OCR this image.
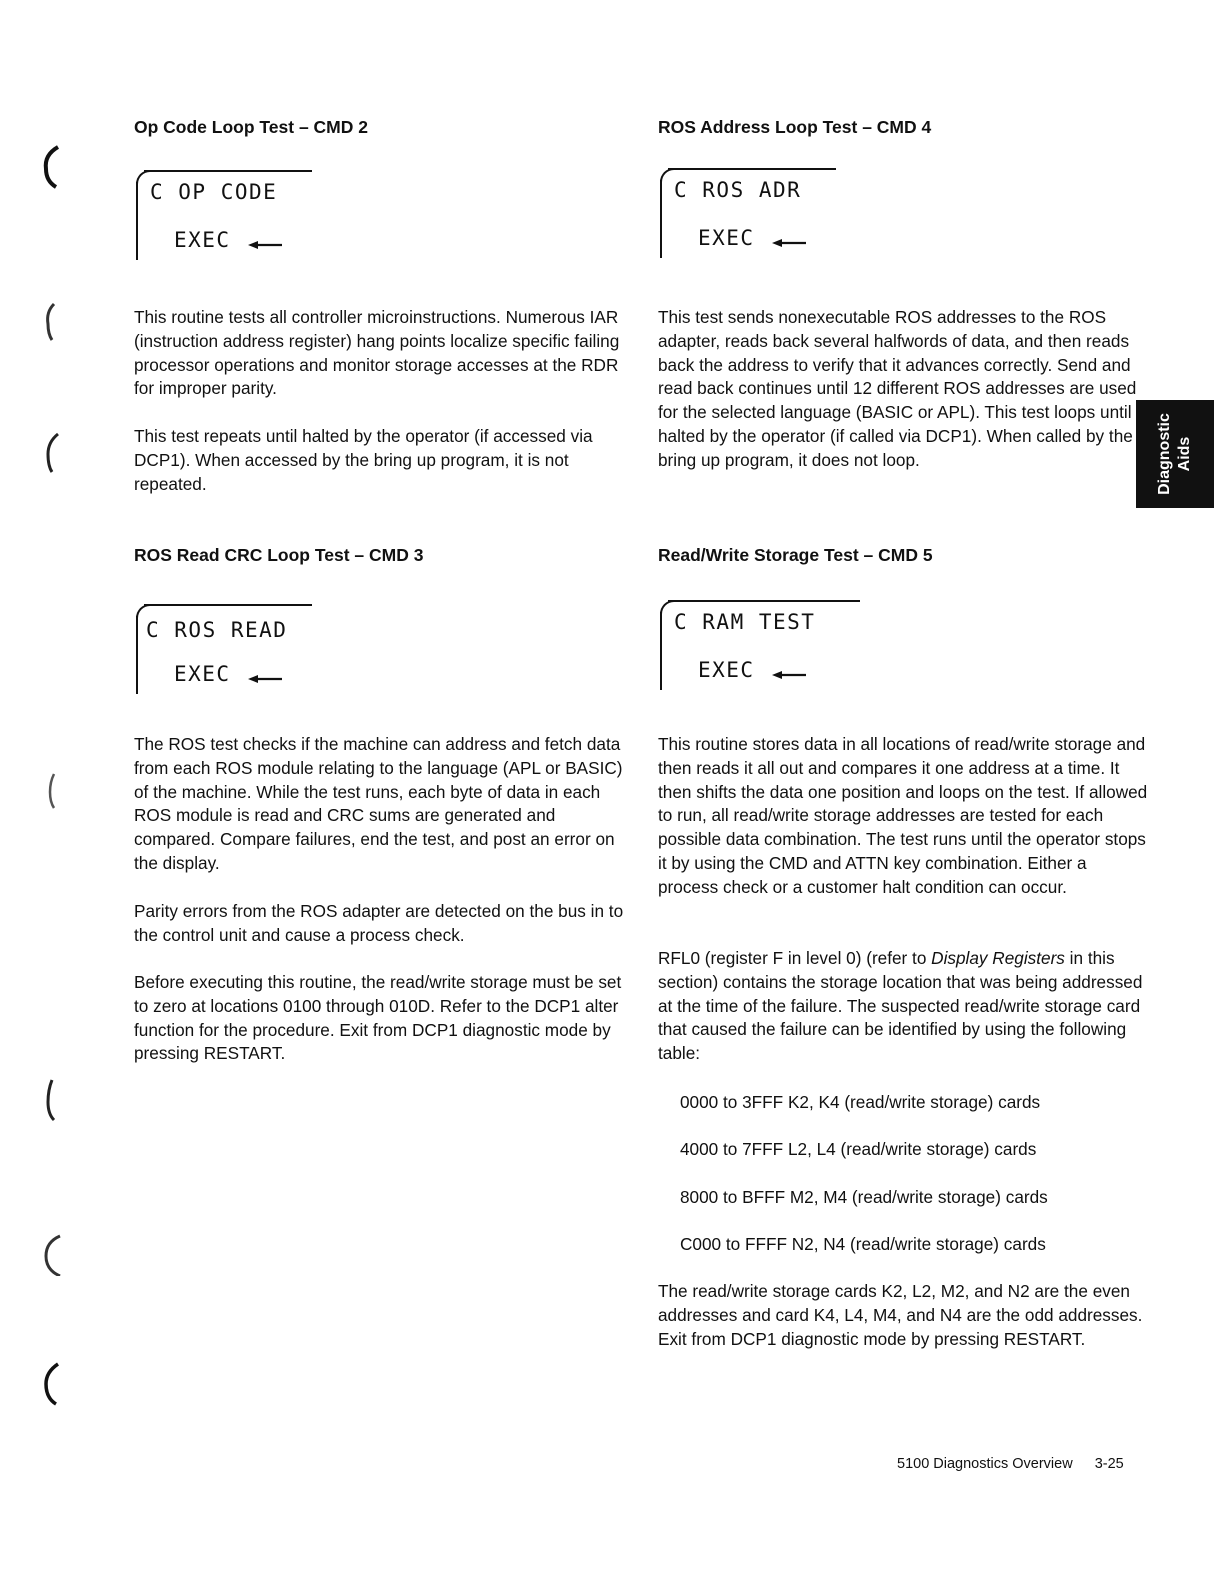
Op Code Loop Test – CMD 2
C OP CODE
EXEC

This routine tests all controller microinstructions. Numerous IAR (instruction address register) hang points localize specific failing processor operations and monitor storage accesses at the RDR for improper parity.

This test repeats until halted by the operator (if accessed via DCP1). When accessed by the bring up program, it is not repeated.

ROS Read CRC Loop Test – CMD 3
C ROS READ
EXEC

The ROS test checks if the machine can address and fetch data from each ROS module relating to the language (APL or BASIC) of the machine. While the test runs, each byte of data in each ROS module is read and CRC sums are generated and compared. Compare failures, end the test, and post an error on the display.

Parity errors from the ROS adapter are detected on the bus in to the control unit and cause a process check.

Before executing this routine, the read/write storage must be set to zero at locations 0100 through 010D. Refer to the DCP1 alter function for the procedure. Exit from DCP1 diagnostic mode by pressing RESTART.

ROS Address Loop Test – CMD 4
C ROS ADR
EXEC

This test sends nonexecutable ROS addresses to the ROS adapter, reads back several halfwords of data, and then reads back the address to verify that it advances correctly. Send and read back continues until 12 different ROS addresses are used for the selected language (BASIC or APL). This test loops until halted by the operator (if called via DCP1). When called by the bring up program, it does not loop.

Read/Write Storage Test – CMD 5
C RAM TEST
EXEC

This routine stores data in all locations of read/write storage and then reads it all out and compares it one address at a time. It then shifts the data one position and loops on the test. If allowed to run, all read/write storage addresses are tested for each possible data combination. The test runs until the operator stops it by using the CMD and ATTN key combination. Either a process check or a customer halt condition can occur.

RFL0 (register F in level 0) (refer to Display Registers in this section) contains the storage location that was being addressed at the time of the failure. The suspected read/write storage card that caused the failure can be identified by using the following table:

0000 to 3FFF K2, K4 (read/write storage) cards
4000 to 7FFF L2, L4 (read/write storage) cards
8000 to BFFF M2, M4 (read/write storage) cards
C000 to FFFF N2, N4 (read/write storage) cards

The read/write storage cards K2, L2, M2, and N2 are the even addresses and card K4, L4, M4, and N4 are the odd addresses. Exit from DCP1 diagnostic mode by pressing RESTART.

Diagnostic Aids
5100 Diagnostics Overview 3-25
